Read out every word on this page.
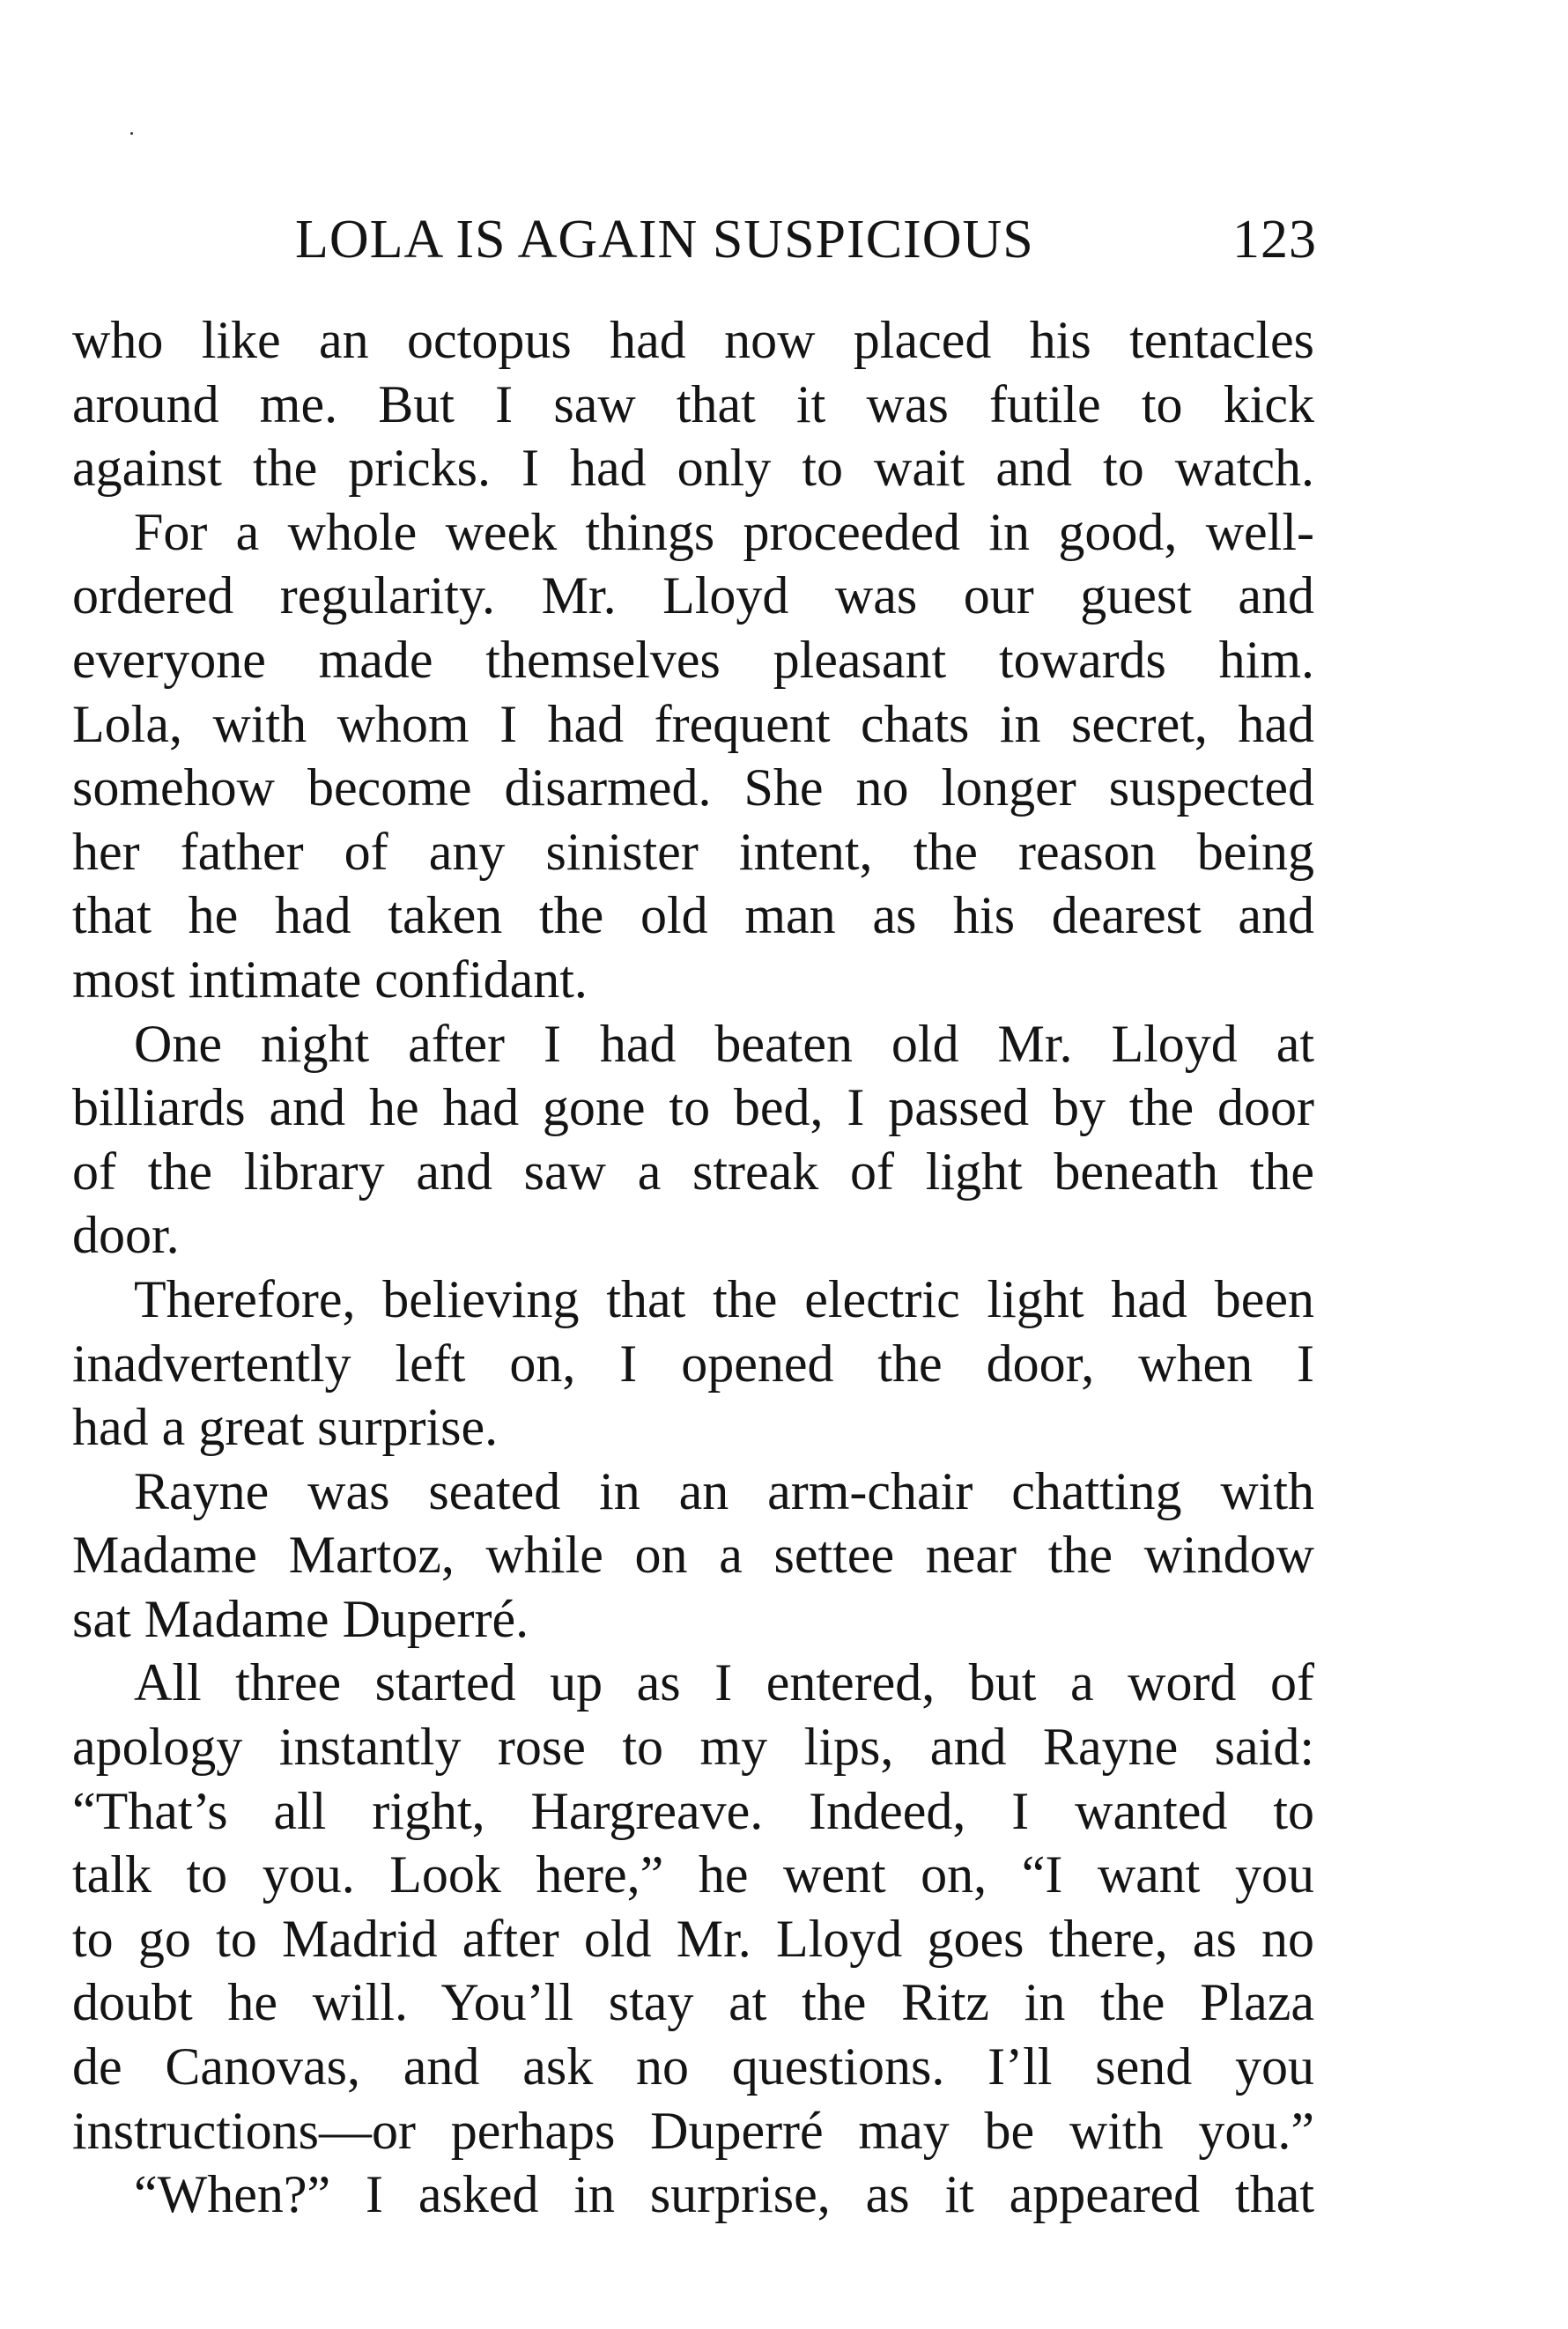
LOLA IS AGAIN SUSPICIOUS	123
who like an octopus had now placed his tentacles
around me. But I saw that it was futile to kick
against the pricks. I had only to wait and to watch.
For a whole week things proceeded in good, well-
ordered regularity. Mr. Lloyd was our guest and
everyone made themselves pleasant towards him.
Lola, with whom I had frequent chats in secret, had
somehow become disarmed. She no longer suspected
her father of any sinister intent, the reason being
that he had taken the old man as his dearest and
most intimate confidant.
One night after I had beaten old Mr. Lloyd at
billiards and he had gone to bed, I passed by the door
of the library and saw a streak of light beneath the
door.
Therefore, believing that the electric light had been
inadvertently left on, I opened the door, when I
had a great surprise.
Rayne was seated in an arm-chair chatting with
Madame Martoz, while on a settee near the window
sat Madame Duperré.
All three started up as I entered, but a word of
apology instantly rose to my lips, and Rayne said:
“That’s all right, Hargreave. Indeed, I wanted to
talk to you. Look here,” he went on, “I want you
to go to Madrid after old Mr. Lloyd goes there, as no
doubt he will. You’ll stay at the Ritz in the Plaza
de Canovas, and ask no questions. I’ll send you
instructions—or perhaps Duperré may be with you.”
“When?” I asked in surprise, as it appeared that
